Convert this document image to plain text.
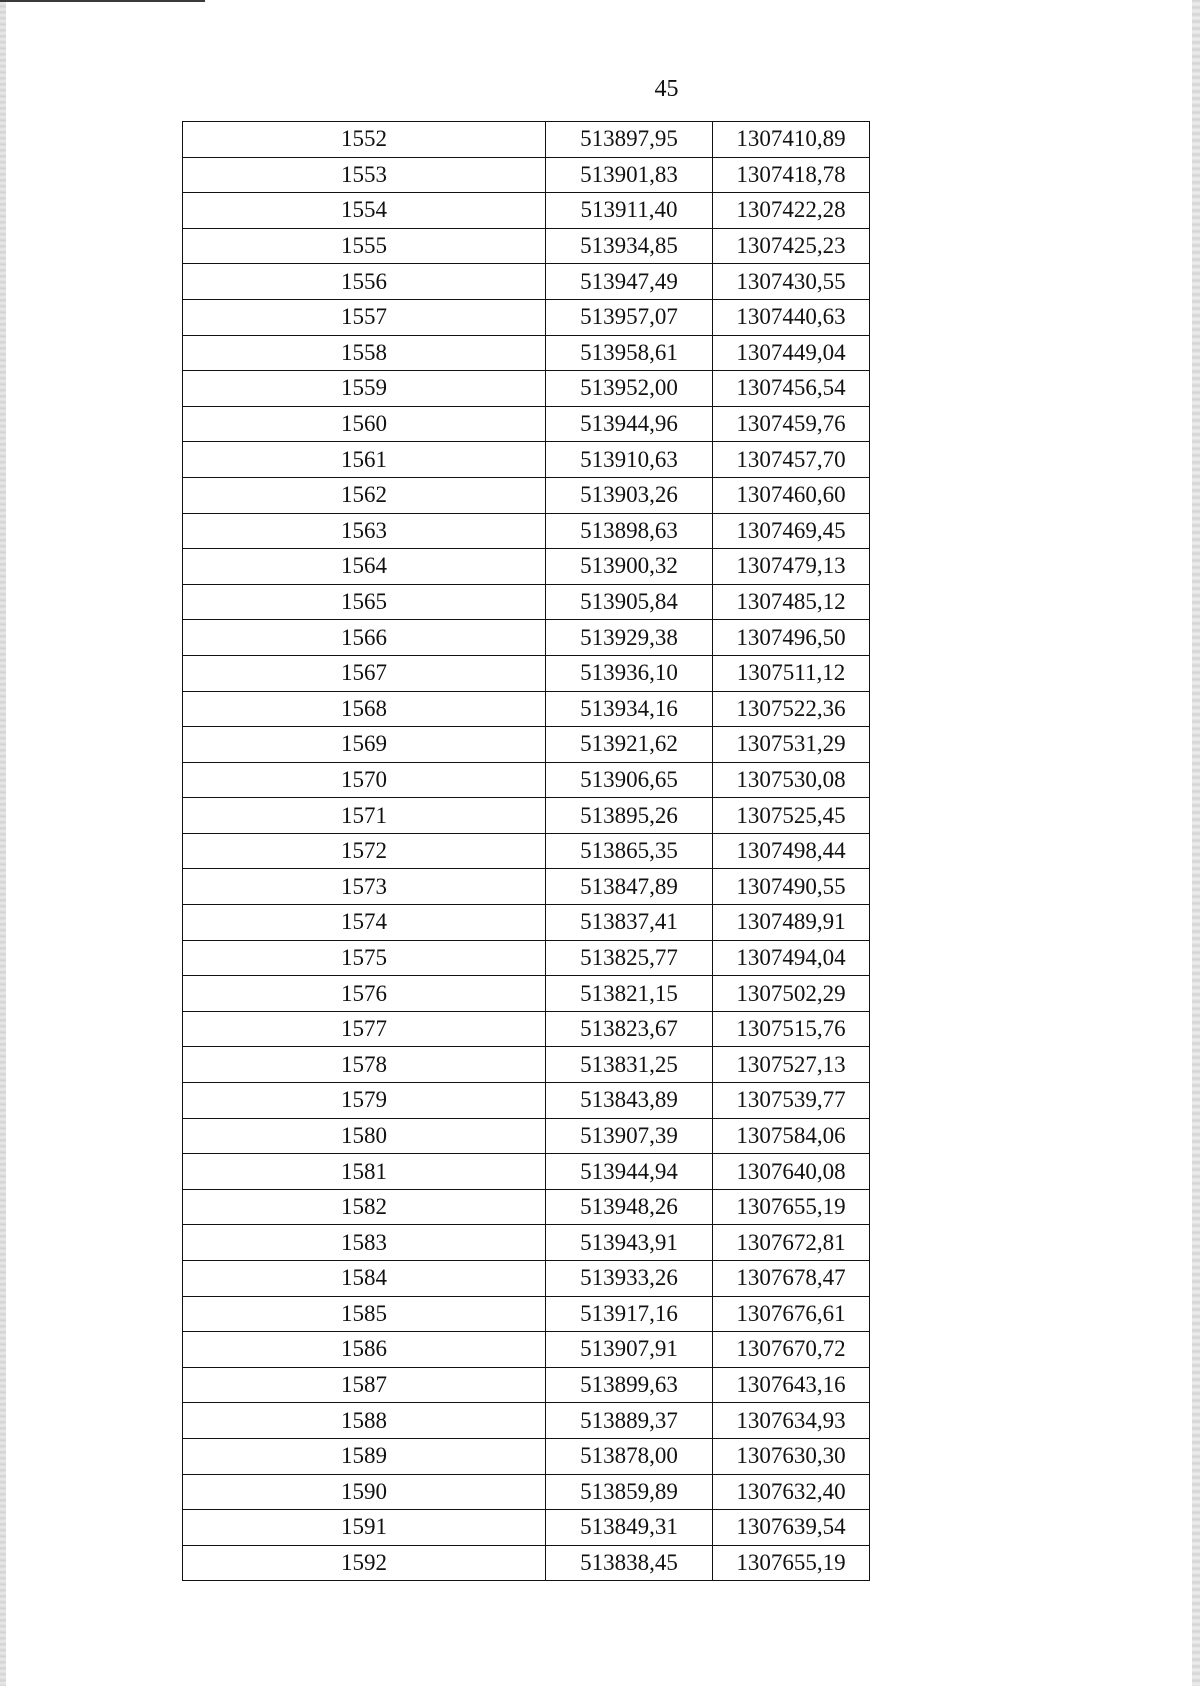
45
1552	513897,95	1307410,89
1553	513901,83	1307418,78
1554	513911,40	1307422,28
1555	513934,85	1307425,23
1556	513947,49	1307430,55
1557	513957,07	1307440,63
1558	513958,61	1307449,04
1559	513952,00	1307456,54
1560	513944,96	1307459,76
1561	513910,63	1307457,70
1562	513903,26	1307460,60
1563	513898,63	1307469,45
1564	513900,32	1307479,13
1565	513905,84	1307485,12
1566	513929,38	1307496,50
1567	513936,10	1307511,12
1568	513934,16	1307522,36
1569	513921,62	1307531,29
1570	513906,65	1307530,08
1571	513895,26	1307525,45
1572	513865,35	1307498,44
1573	513847,89	1307490,55
1574	513837,41	1307489,91
1575	513825,77	1307494,04
1576	513821,15	1307502,29
1577	513823,67	1307515,76
1578	513831,25	1307527,13
1579	513843,89	1307539,77
1580	513907,39	1307584,06
1581	513944,94	1307640,08
1582	513948,26	1307655,19
1583	513943,91	1307672,81
1584	513933,26	1307678,47
1585	513917,16	1307676,61
1586	513907,91	1307670,72
1587	513899,63	1307643,16
1588	513889,37	1307634,93
1589	513878,00	1307630,30
1590	513859,89	1307632,40
1591	513849,31	1307639,54
1592	513838,45	1307655,19
